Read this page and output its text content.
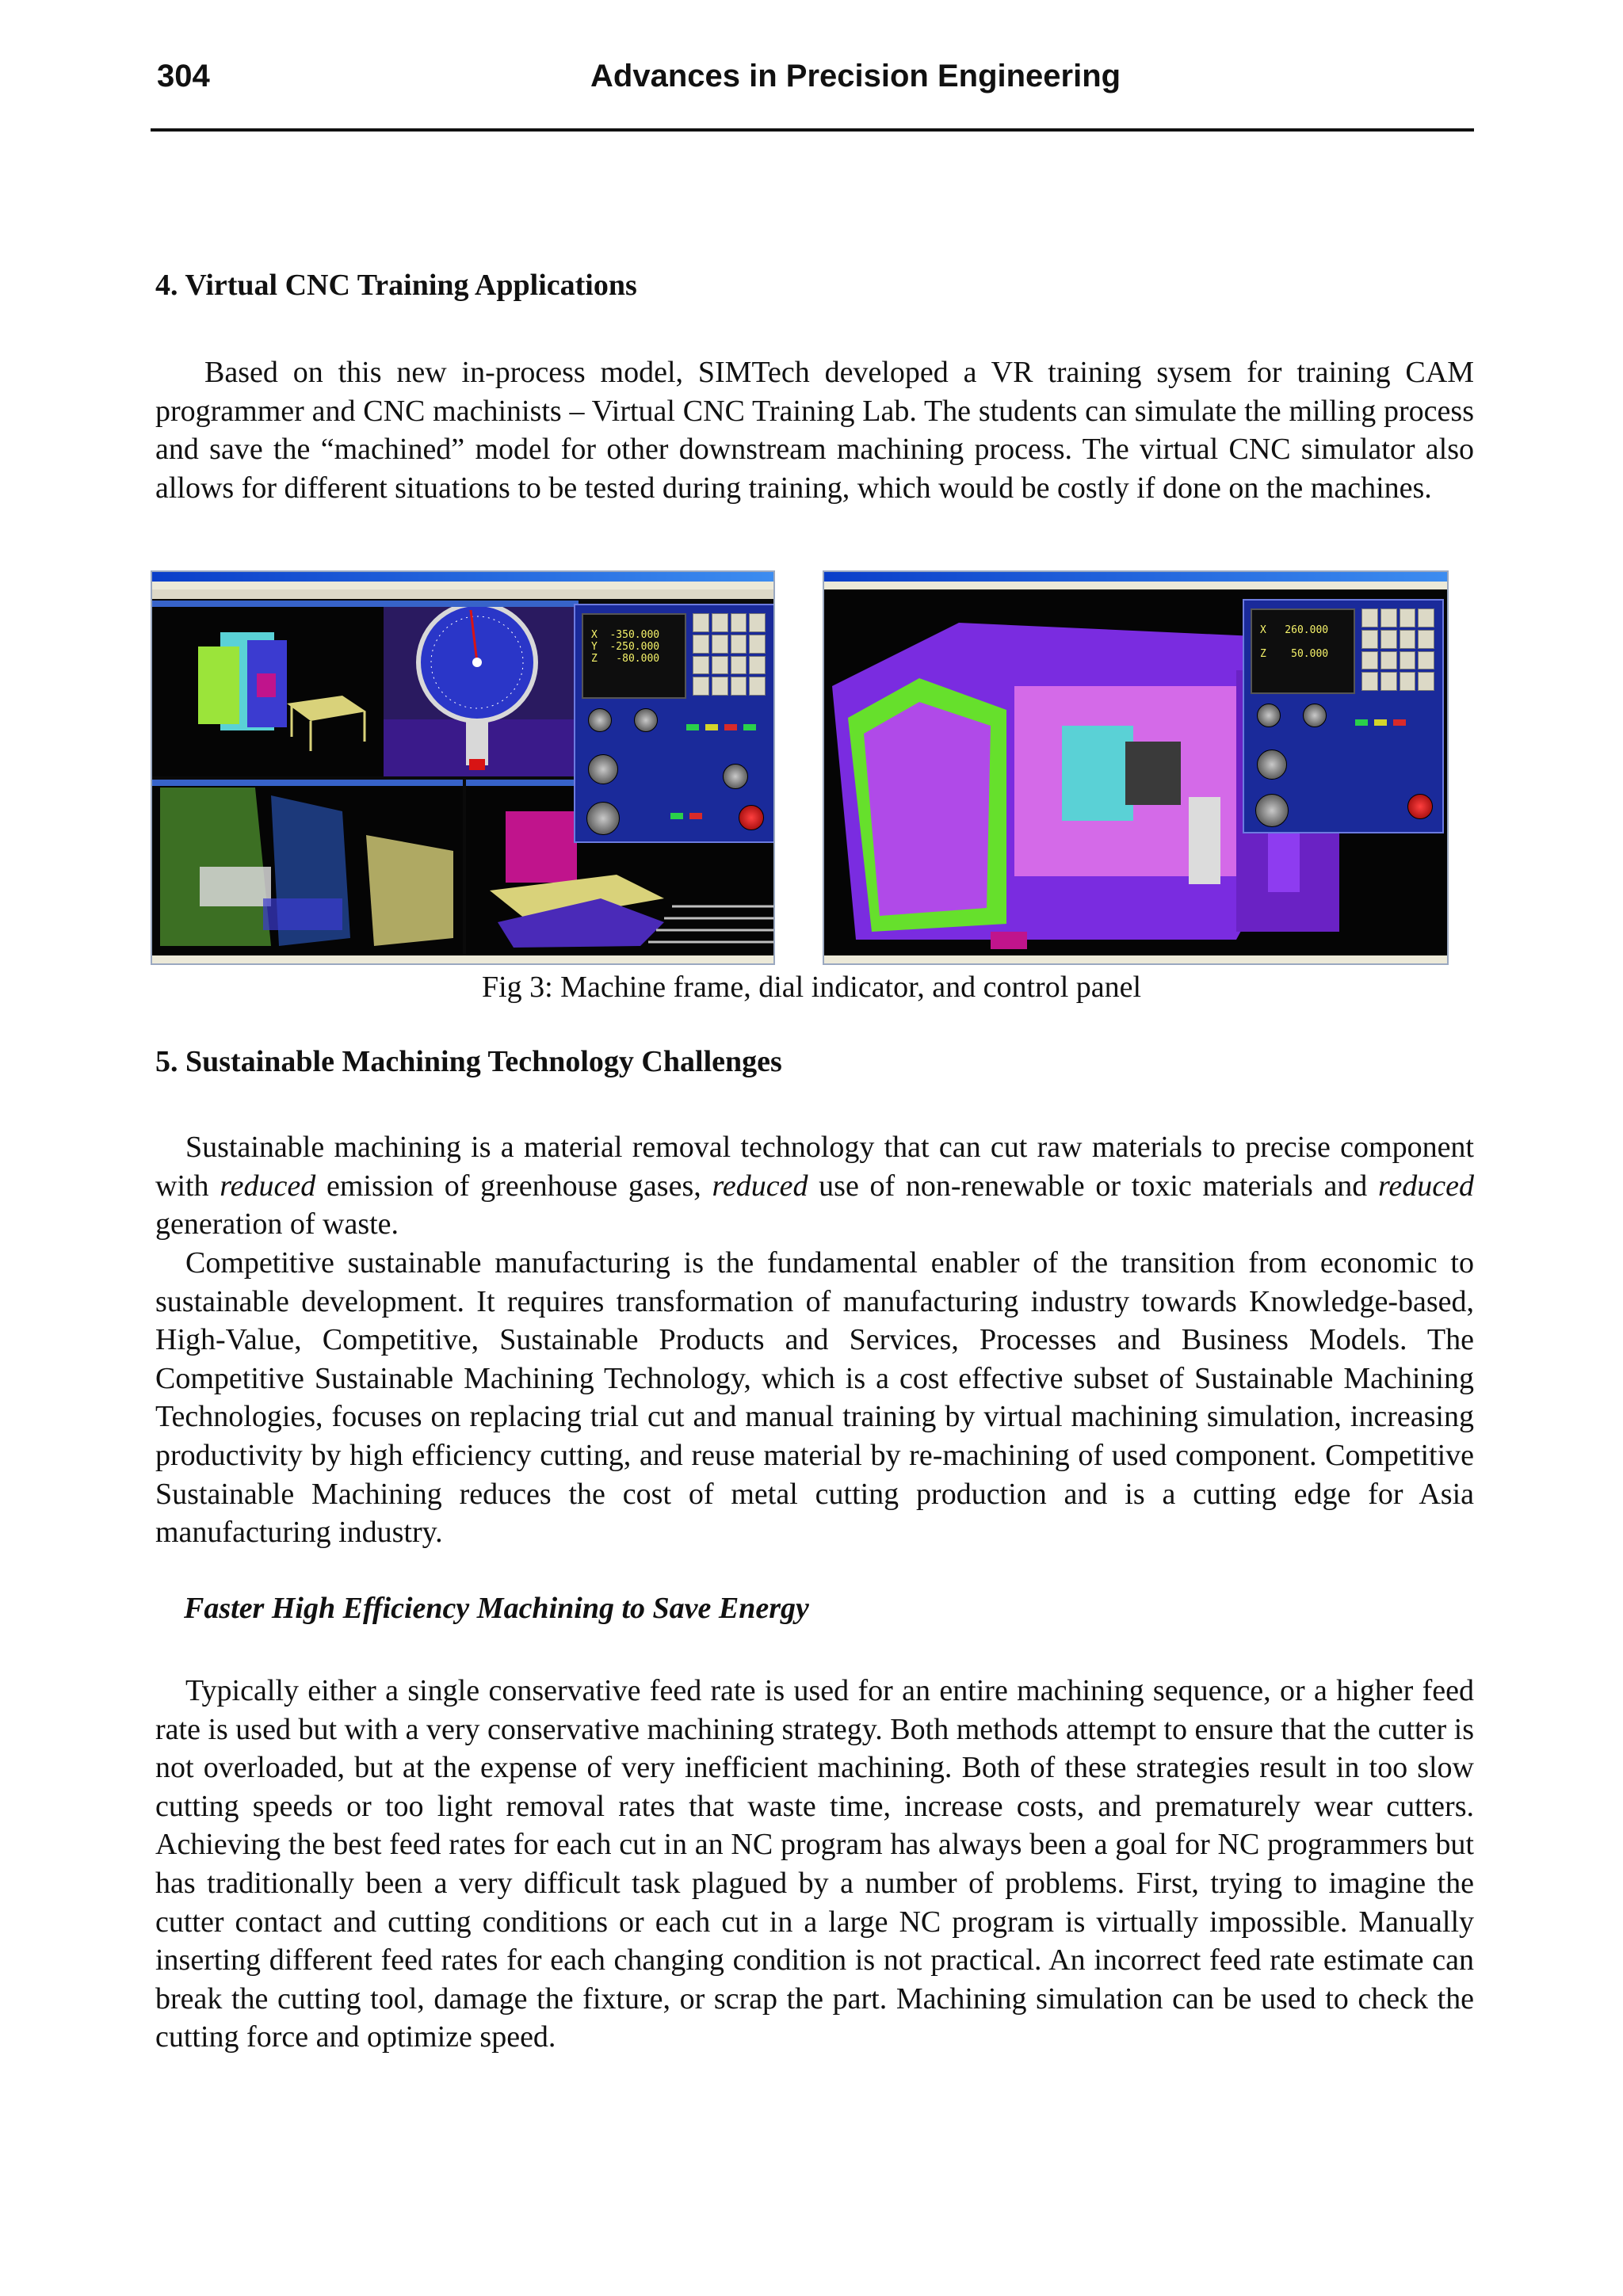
304	Advances in Precision Engineering
4. Virtual CNC Training Applications

Based on this new in-process model, SIMTech developed a VR training sysem for training CAM programmer and CNC machinists – Virtual CNC Training Lab. The students can simulate the milling process and save the “machined” model for other downstream machining process. The virtual CNC simulator also allows for different situations to be tested during training, which would be costly if done on the machines.

X  -350.000
Y  -250.000
Z   -80.000
X   260.000

Z    50.000
Fig 3: Machine frame, dial indicator, and control panel
5. Sustainable Machining Technology Challenges

Sustainable machining is a material removal technology that can cut raw materials to precise component with reduced emission of greenhouse gases, reduced use of non-renewable or toxic materials and reduced generation of waste.

Competitive sustainable manufacturing is the fundamental enabler of the transition from economic to sustainable development. It requires transformation of manufacturing industry towards Knowledge-based, High-Value, Competitive, Sustainable Products and Services, Processes and Business Models. The Competitive Sustainable Machining Technology, which is a cost effective subset of Sustainable Machining Technologies, focuses on replacing trial cut and manual training by virtual machining simulation, increasing productivity by high efficiency cutting, and reuse material by re-machining of used component. Competitive Sustainable Machining reduces the cost of metal cutting production and is a cutting edge for Asia manufacturing industry.

Faster High Efficiency Machining to Save Energy

Typically either a single conservative feed rate is used for an entire machining sequence, or a higher feed rate is used but with a very conservative machining strategy. Both methods attempt to ensure that the cutter is not overloaded, but at the expense of very inefficient machining. Both of these strategies result in too slow cutting speeds or too light removal rates that waste time, increase costs, and prematurely wear cutters. Achieving the best feed rates for each cut in an NC program has always been a goal for NC programmers but has traditionally been a very difficult task plagued by a number of problems. First, trying to imagine the cutter contact and cutting conditions or each cut in a large NC program is virtually impossible. Manually inserting different feed rates for each changing condition is not practical. An incorrect feed rate estimate can break the cutting tool, damage the fixture, or scrap the part. Machining simulation can be used to check the cutting force and optimize speed.
